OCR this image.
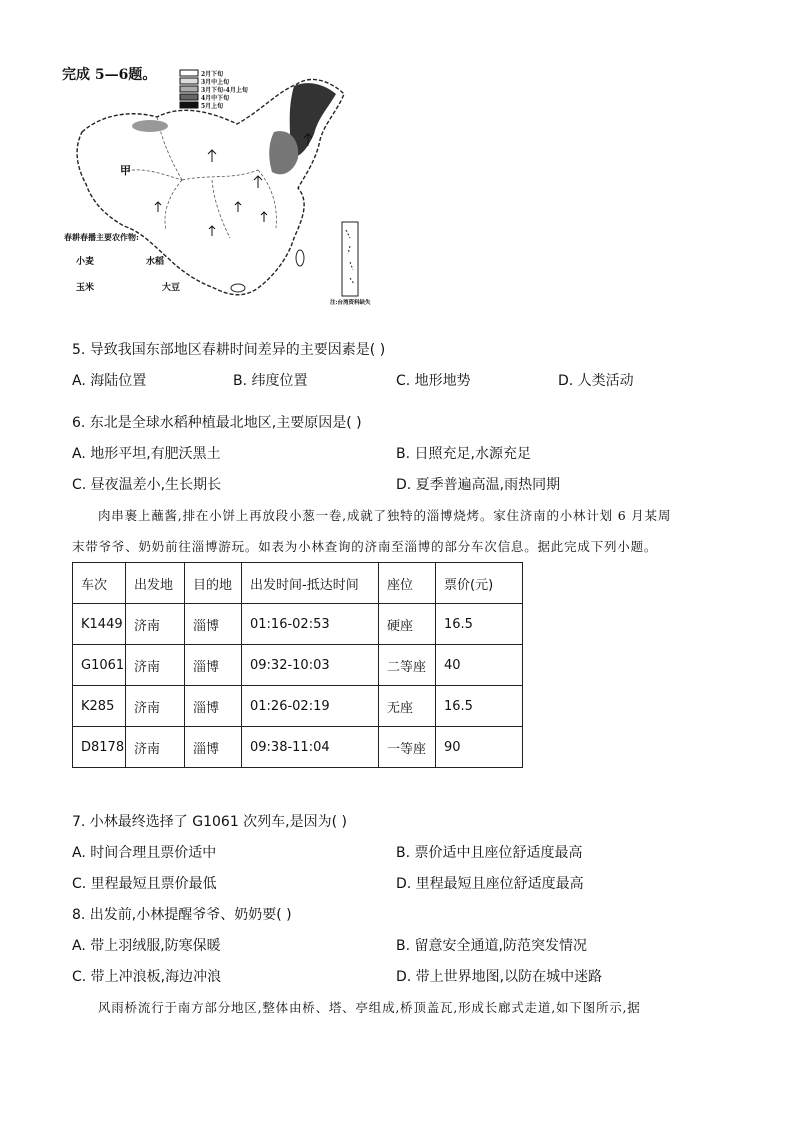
完成 5—6题。	2月下旬
3月中上旬
3月下旬-4月上旬
4月中下旬
5月上旬
甲
春耕春播主要农作物:
小麦	水稻
玉米	大豆
注:台湾资料缺失
5. 导致我国东部地区春耕时间差异的主要因素是( )
A. 海陆位置	B. 纬度位置	C. 地形地势	D. 人类活动
6. 东北是全球水稻种植最北地区,主要原因是( )
A. 地形平坦,有肥沃黑土	B. 日照充足,水源充足
C. 昼夜温差小,生长期长	D. 夏季普遍高温,雨热同期
肉串裹上蘸酱,排在小饼上再放段小葱一卷,成就了独特的淄博烧烤。家住济南的小林计划 6 月某周
末带爷爷、奶奶前往淄博游玩。如表为小林查询的济南至淄博的部分车次信息。据此完成下列小题。
车次	出发地	目的地	出发时间-抵达时间	座位	票价(元)
K1449	济南	淄博	01:16-02:53	硬座	16.5
G1061	济南	淄博	09:32-10:03	二等座	40
K285	济南	淄博	01:26-02:19	无座	16.5
D8178	济南	淄博	09:38-11:04	一等座	90
7. 小林最终选择了 G1061 次列车,是因为( )
A. 时间合理且票价适中	B. 票价适中且座位舒适度最高
C. 里程最短且票价最低	D. 里程最短且座位舒适度最高
8. 出发前,小林提醒爷爷、奶奶要( )
A. 带上羽绒服,防寒保暖	B. 留意安全通道,防范突发情况
C. 带上冲浪板,海边冲浪	D. 带上世界地图,以防在城中迷路
风雨桥流行于南方部分地区,整体由桥、塔、亭组成,桥顶盖瓦,形成长廊式走道,如下图所示,据
